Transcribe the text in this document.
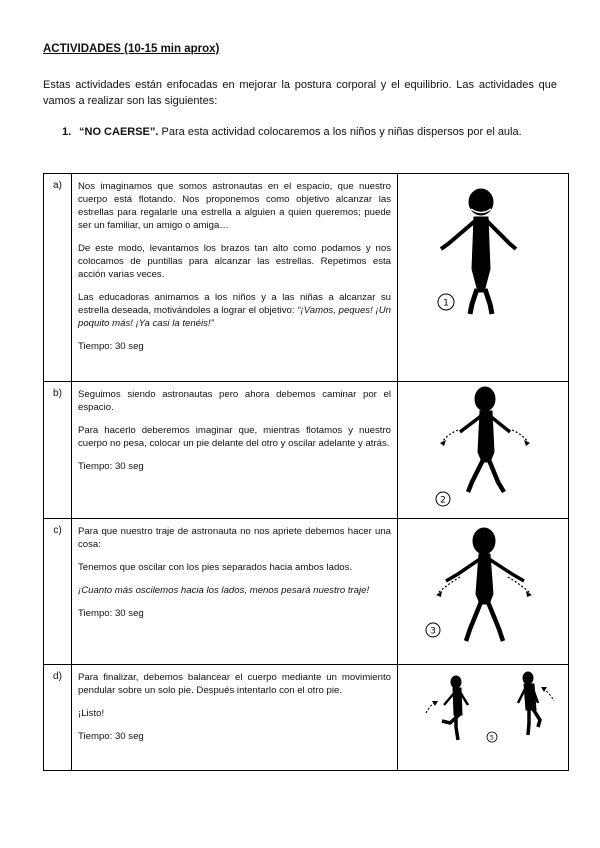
ACTIVIDADES (10-15 min aprox)
Estas actividades están enfocadas en mejorar la postura corporal y el equilibrio. Las actividades que vamos a realizar son las siguientes:
1. “NO CAERSE”. Para esta actividad colocaremos a los niños y niñas dispersos por el aula.
a)	Nos imaginamos que somos astronautas en el espacio, que nuestro cuerpo está flotando. Nos proponemos como objetivo alcanzar las estrellas para regalarle una estrella a alguien a quien queremos; puede ser un familiar, un amigo o amiga…

De este modo, levantamos los brazos tan alto como podamos y nos colocamos de puntillas para alcanzar las estrellas. Repetimos esta acción varias veces.

Las educadoras animamos a los niños y a las niñas a alcanzar su estrella deseada, motivándoles a lograr el objetivo: “¡Vamos, peques! ¡Un poquito más! ¡Ya casi la tenéis!”

Tiempo: 30 seg	1

b)	Seguimos siendo astronautas pero ahora debemos caminar por el espacio.

Para hacerlo deberemos imaginar que, mientras flotamos y nuestro cuerpo no pesa, colocar un pie delante del otro y oscilar adelante y atrás.

Tiempo: 30 seg	2

c)	Para que nuestro traje de astronauta no nos apriete debemos hacer una cosa:

Tenemos que oscilar con los pies separados hacia ambos lados.

¡Cuanto más oscilemos hacia los lados, menos pesará nuestro traje!

Tiempo: 30 seg	3

d)	Para finalizar, debemos balancear el cuerpo mediante un movimiento pendular sobre un solo pie. Después intentarlo con el otro pie.

¡Listo!

Tiempo: 30 seg	5
